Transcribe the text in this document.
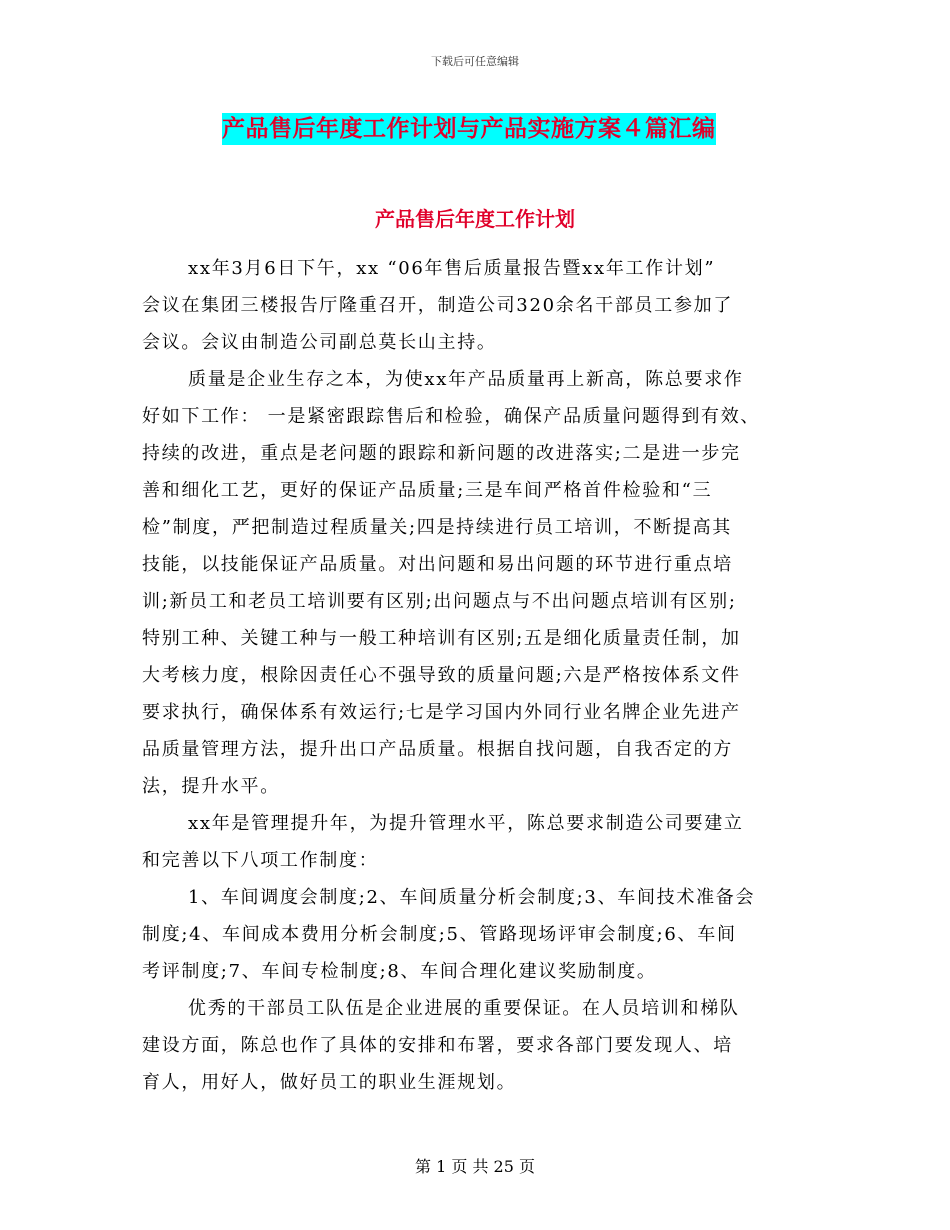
下载后可任意编辑
产品售后年度工作计划与产品实施方案４篇汇编
产品售后年度工作计划
xx年3月6日下午，xx “06年售后质量报告暨xx年工作计划”
会议在集团三楼报告厅隆重召开，制造公司320余名干部员工参加了
会议。会议由制造公司副总莫长山主持。
质量是企业生存之本，为使xx年产品质量再上新高，陈总要求作
好如下工作： 一是紧密跟踪售后和检验，确保产品质量问题得到有效、
持续的改进，重点是老问题的跟踪和新问题的改进落实;二是进一步完
善和细化工艺，更好的保证产品质量;三是车间严格首件检验和“三
检”制度，严把制造过程质量关;四是持续进行员工培训，不断提高其
技能，以技能保证产品质量。对出问题和易出问题的环节进行重点培
训;新员工和老员工培训要有区别;出问题点与不出问题点培训有区别;
特别工种、关键工种与一般工种培训有区别;五是细化质量责任制，加
大考核力度，根除因责任心不强导致的质量问题;六是严格按体系文件
要求执行，确保体系有效运行;七是学习国内外同行业名牌企业先进产
品质量管理方法，提升出口产品质量。根据自找问题，自我否定的方
法，提升水平。
xx年是管理提升年，为提升管理水平，陈总要求制造公司要建立
和完善以下八项工作制度：
1、车间调度会制度;2、车间质量分析会制度;3、车间技术准备会
制度;4、车间成本费用分析会制度;5、管路现场评审会制度;6、车间
考评制度;7、车间专检制度;8、车间合理化建议奖励制度。
优秀的干部员工队伍是企业进展的重要保证。在人员培训和梯队
建设方面，陈总也作了具体的安排和布署，要求各部门要发现人、培
育人，用好人，做好员工的职业生涯规划。
第 1 页 共 25 页
